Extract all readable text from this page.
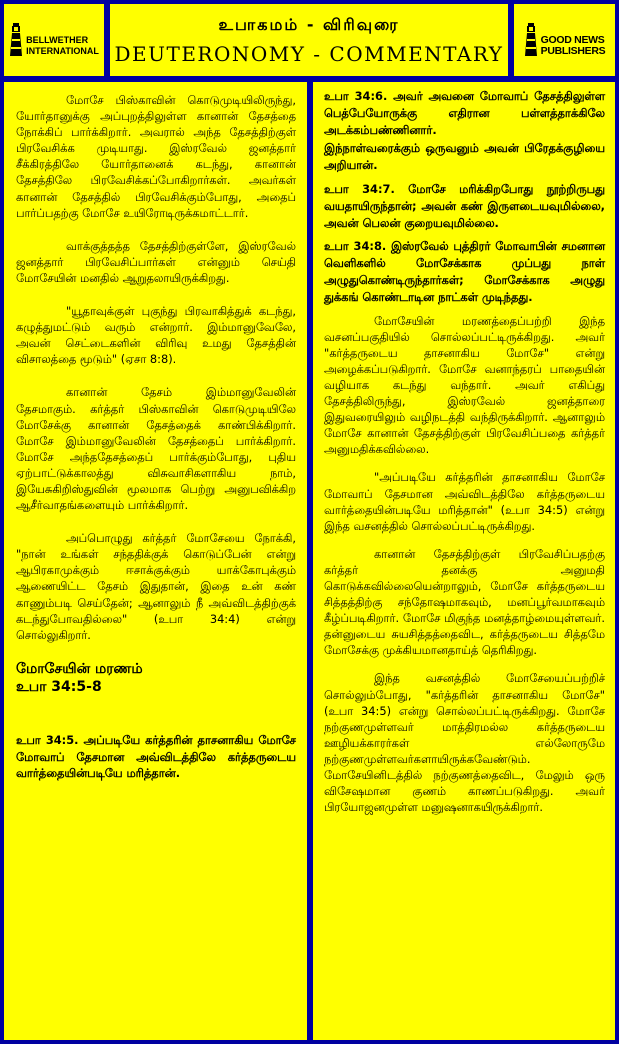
BELLWETHER
INTERNATIONAL
உபாகமம் - விரிவுரை
DEUTERONOMY - COMMENTARY
GOOD NEWS
PUBLISHERS

மோசே பிஸ்காவின் கொடுமுடியிலிருந்து, யோர்தானுக்கு அப்புறத்திலுள்ள கானான் தேசத்தை நோக்கிப் பார்க்கிறார். அவரால் அந்த தேசத்திற்குள் பிரவேசிக்க முடியாது. இஸ்ரவேல் ஜனத்தார் சீக்கிரத்திலே யோர்தானைக் கடந்து, கானான் தேசத்திலே பிரவேசிக்கப்போகிறார்கள். அவர்கள் கானான் தேசத்தில் பிரவேசிக்கும்போது, அதைப் பார்ப்பதற்கு மோசே உயிரோடிருக்கமாட்டார்.

வாக்குத்தத்த தேசத்திற்குள்ளே, இஸ்ரவேல் ஜனத்தார் பிரவேசிப்பார்கள் என்னும் செய்தி மோசேயின் மனதில் ஆறுதலாயிருக்கிறது.

"யூதாவுக்குள் புகுந்து பிரவாகித்துக் கடந்து, கழுத்துமட்டும் வரும் என்றார். இம்மானுவேலே, அவன் செட்டைகளின் விரிவு உமது தேசத்தின் விசாலத்தை மூடும்" (ஏசா 8:8).

கானான் தேசம் இம்மானுவேலின் தேசமாகும். கர்த்தர் பிஸ்காவின் கொடுமுடியிலே மோசேக்கு கானான் தேசத்தைக் காண்பிக்கிறார். மோசே இம்மானுவேலின் தேசத்தைப் பார்க்கிறார். மோசே அந்ததேசத்தைப் பார்க்கும்போது, புதிய ஏற்பாட்டுக்காலத்து விசுவாசிகளாகிய நாம், இயேசுகிறிஸ்துவின் மூலமாக பெற்று அனுபவிக்கிற ஆசீர்வாதங்களையும் பார்க்கிறார்.

அப்பொழுது கர்த்தர் மோசேயை நோக்கி, "நான் உங்கள் சந்ததிக்குக் கொடுப்பேன் என்று ஆபிரகாமுக்கும் ஈசாக்குக்கும் யாக்கோபுக்கும் ஆணையிட்ட தேசம் இதுதான், இதை உன் கண் காணும்படி செய்தேன்; ஆனாலும் நீ அவ்விடத்திற்குக் கடந்துபோவதில்லை" (உபா 34:4) என்று சொல்லுகிறார்.

மோசேயின் மரணம்
உபா 34:5-8

உபா 34:5. அப்படியே கர்த்தரின் தாசனாகிய மோசே மோவாப் தேசமான அவ்விடத்திலே கர்த்தருடைய வார்த்தையின்படியே மரித்தான்.

உபா 34:6. அவர் அவனை மோவாப் தேசத்திலுள்ள பெத்பேயோருக்கு எதிரான பள்ளத்தாக்கிலே அடக்கம்பண்ணினார்.

இந்நாள்வரைக்கும் ஒருவனும் அவன் பிரேதக்குழியை அறியான்.

உபா 34:7. மோசே மரிக்கிறபோது நூற்றிருபது வயதாயிருந்தான்; அவன் கண் இருளடையவுமில்லை, அவன் பெலன் குறையவுமில்லை.

உபா 34:8. இஸ்ரவேல் புத்திரர் மோவாபின் சமனான வெளிகளில் மோசேக்காக முப்பது நாள் அழுதுகொண்டிருந்தார்கள்; மோசேக்காக அழுது துக்கங் கொண்டாடின நாட்கள் முடிந்தது.

மோசேயின் மரணத்தைப்பற்றி இந்த வசனப்பகுதியில் சொல்லப்பட்டிருக்கிறது. அவர் "கர்த்தருடைய தாசனாகிய மோசே" என்று அழைக்கப்படுகிறார். மோசே வனாந்தரப் பாதையின் வழியாக கடந்து வந்தார். அவர் எகிப்து தேசத்திலிருந்து, இஸ்ரவேல் ஜனத்தாரை இதுவரையிலும் வழிநடத்தி வந்திருக்கிறார். ஆனாலும் மோசே கானான் தேசத்திற்குள் பிரவேசிப்பதை கர்த்தர் அனுமதிக்கவில்லை.

"அப்படியே கர்த்தரின் தாசனாகிய மோசே மோவாப் தேசமான அவ்விடத்திலே கர்த்தருடைய வார்த்தையின்படியே மரித்தான்" (உபா 34:5) என்று இந்த வசனத்தில் சொல்லப்பட்டிருக்கிறது.

கானான் தேசத்திற்குள் பிரவேசிப்பதற்கு கர்த்தர் தனக்கு அனுமதி கொடுக்கவில்லையென்றாலும், மோசே கர்த்தருடைய சித்தத்திற்கு சந்தோஷமாகவும், மனப்பூர்வமாகவும் கீழ்ப்படிகிறார். மோசே மிகுந்த மனத்தாழ்மையுள்ளவர். தன்னுடைய சுயசித்தத்தைவிட, கர்த்தருடைய சித்தமே மோசேக்கு முக்கியமானதாய்த் தெரிகிறது.

இந்த வசனத்தில் மோசேயைப்பற்றிச் சொல்லும்போது, "கர்த்தரின் தாசனாகிய மோசே" (உபா 34:5) என்று சொல்லப்பட்டிருக்கிறது. மோசே நற்குணமுள்ளவர் மாத்திரமல்ல கர்த்தருடைய ஊழியக்காரர்கள் எல்லோருமே நற்குணமுள்ளவர்களாயிருக்கவேண்டும். மோசேயினிடத்தில் நற்குணத்தைவிட, மேலும் ஒரு விசேஷமான குணம் காணப்படுகிறது. அவர் பிரயோஜனமுள்ள மனுஷனாகயிருக்கிறார்.
